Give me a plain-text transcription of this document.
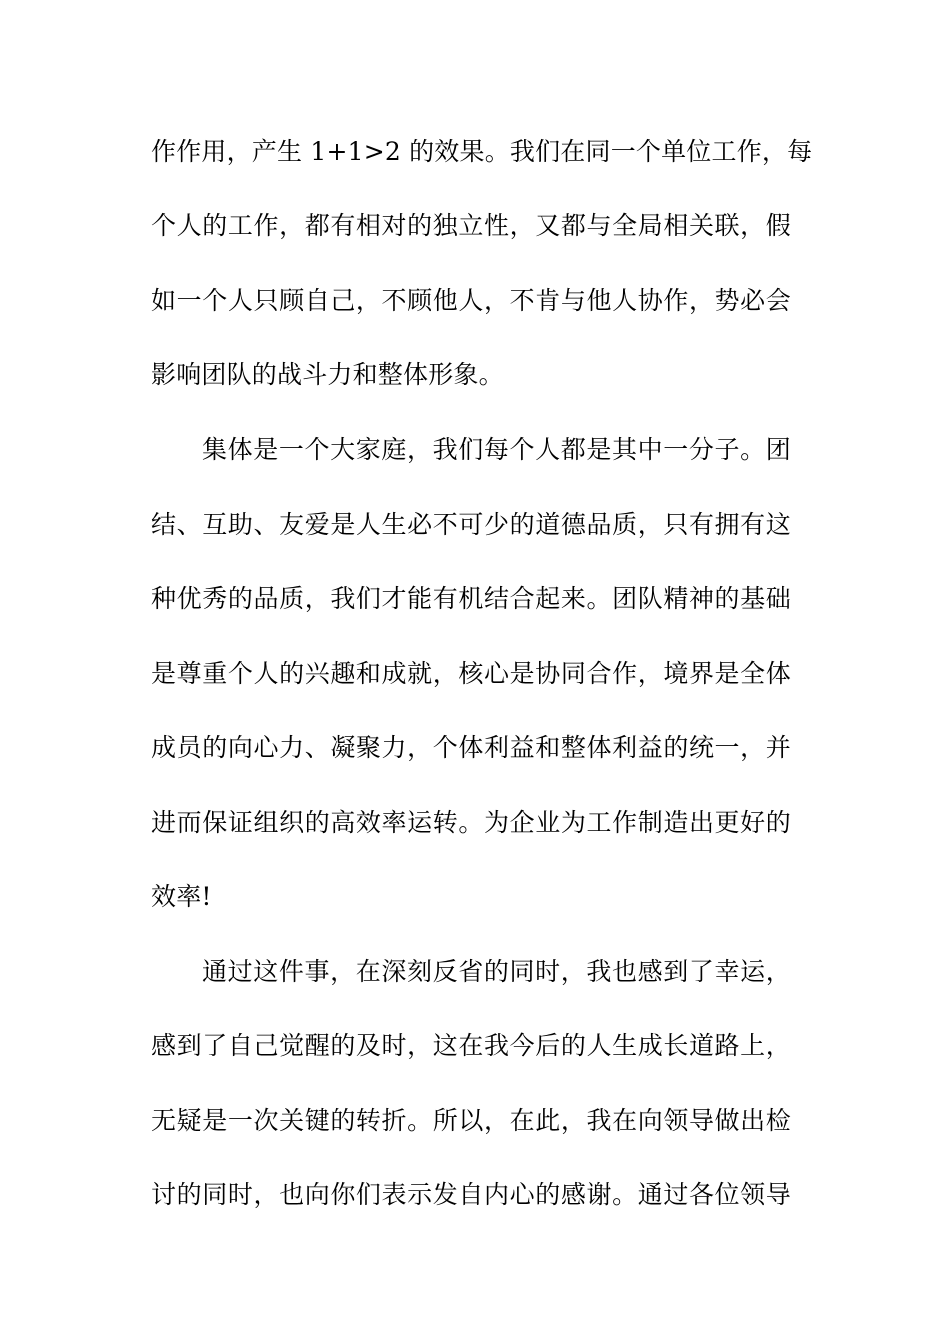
作作用，产生 1+1>2 的效果。我们在同一个单位工作，每
个人的工作，都有相对的独立性，又都与全局相关联，假
如一个人只顾自己，不顾他人，不肯与他人协作，势必会
影响团队的战斗力和整体形象。
集体是一个大家庭，我们每个人都是其中一分子。团
结、互助、友爱是人生必不可少的道德品质，只有拥有这
种优秀的品质，我们才能有机结合起来。团队精神的基础
是尊重个人的兴趣和成就，核心是协同合作，境界是全体
成员的向心力、凝聚力，个体利益和整体利益的统一，并
进而保证组织的高效率运转。为企业为工作制造出更好的
效率!
通过这件事，在深刻反省的同时，我也感到了幸运，
感到了自己觉醒的及时，这在我今后的人生成长道路上，
无疑是一次关键的转折。所以，在此，我在向领导做出检
讨的同时，也向你们表示发自内心的感谢。通过各位领导
